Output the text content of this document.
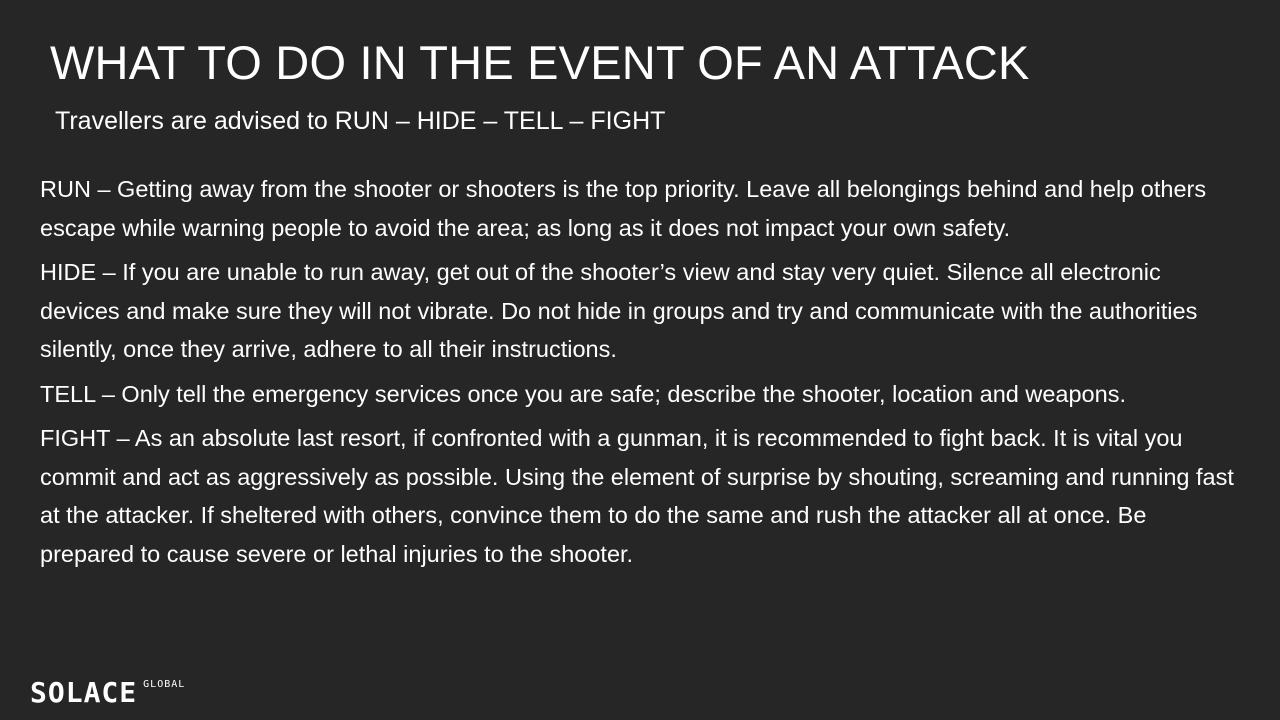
WHAT TO DO IN THE EVENT OF AN ATTACK
Travellers are advised to RUN – HIDE – TELL – FIGHT

RUN – Getting away from the shooter or shooters is the top priority. Leave all belongings behind and help others escape while warning people to avoid the area; as long as it does not impact your own safety.

HIDE – If you are unable to run away, get out of the shooter’s view and stay very quiet. Silence all electronic devices and make sure they will not vibrate. Do not hide in groups and try and communicate with the authorities silently, once they arrive, adhere to all their instructions.

TELL – Only tell the emergency services once you are safe; describe the shooter, location and weapons.

FIGHT – As an absolute last resort, if confronted with a gunman, it is recommended to fight back. It is vital you commit and act as aggressively as possible. Using the element of surprise by shouting, screaming and running fast at the attacker. If sheltered with others, convince them to do the same and rush the attacker all at once. Be prepared to cause severe or lethal injuries to the shooter.

SOLACE GLOBAL
